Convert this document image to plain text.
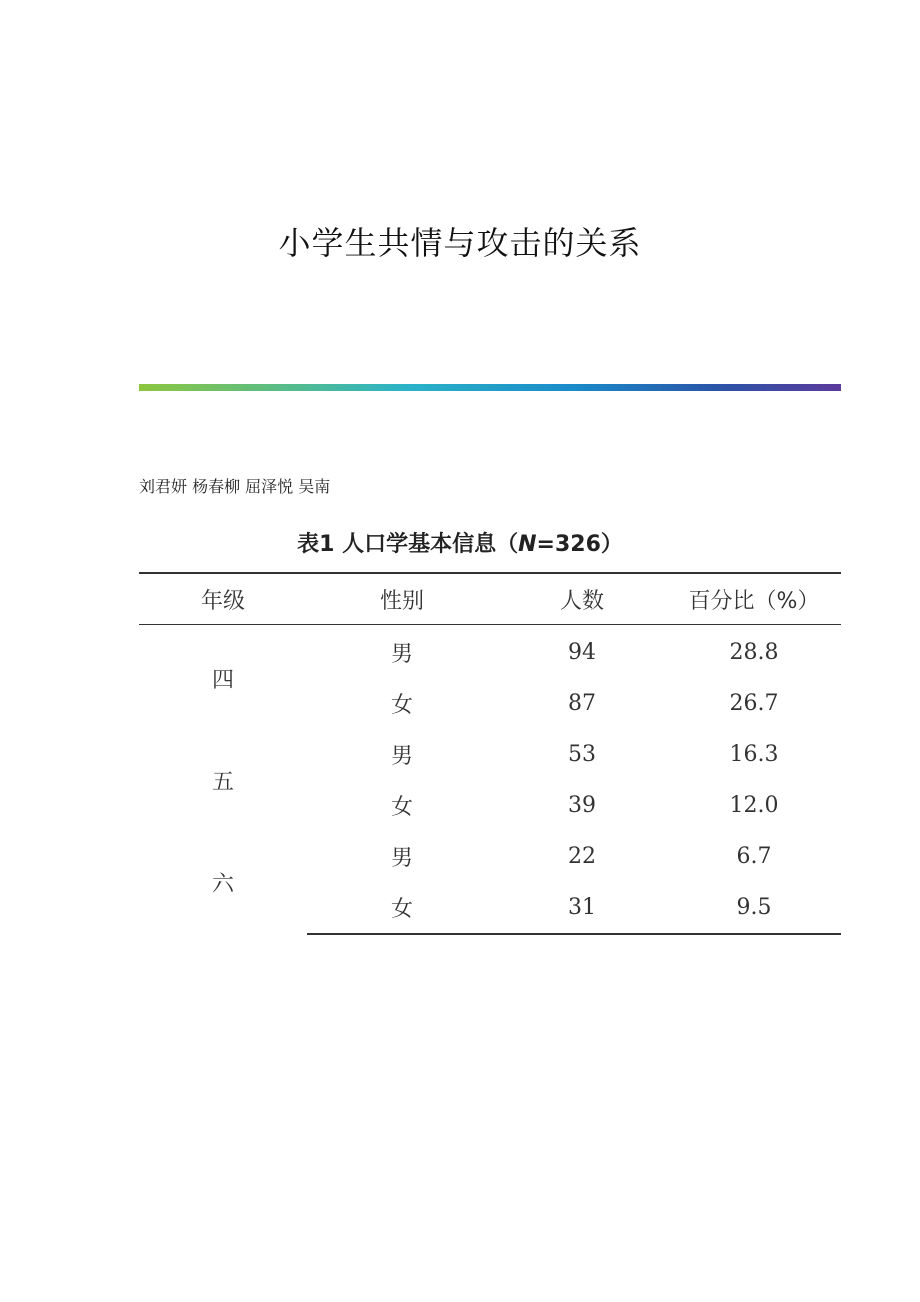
小学生共情与攻击的关系
刘君妍 杨春柳 屈泽悦 吴南
表1 人口学基本信息（N=326）
年级	性别	人数	百分比（%）
四	男	94	28.8
	女	87	26.7
五	男	53	16.3
	女	39	12.0
六	男	22	6.7
	女	31	9.5
